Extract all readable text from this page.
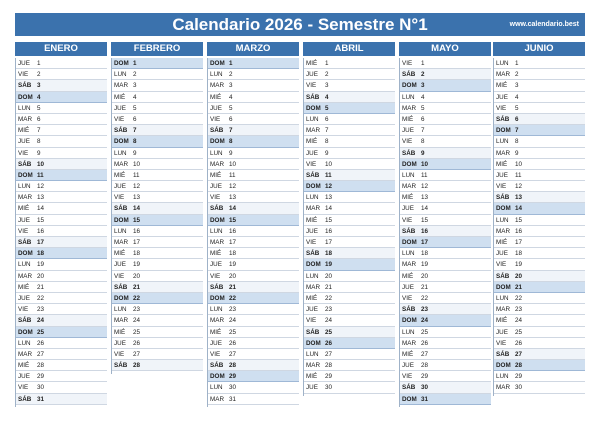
Calendario 2026 - Semestre N°1	www.calendario.best
ENERO
JUE	1
VIE	2
SÁB 3
DOM 4
LUN	5
MAR 6
MIÉ	7
JUE	8
VIE	9
SÁB 10
DOM 11
LUN	12
MAR 13
MIÉ	14
JUE	15
VIE	16
SÁB 17
DOM 18
LUN	19
MAR 20
MIÉ	21
JUE	22
VIE	23
SÁB 24
DOM 25
LUN	26
MAR 27
MIÉ	28
JUE	29
VIE	30
SÁB 31
FEBRERO
DOM 1
LUN	2
MAR 3
MIÉ	4
JUE	5
VIE	6
SÁB 7
DOM 8
LUN	9
MAR 10
MIÉ	11
JUE	12
VIE	13
SÁB 14
DOM 15
LUN	16
MAR 17
MIÉ	18
JUE	19
VIE	20
SÁB 21
DOM 22
LUN	23
MAR 24
MIÉ	25
JUE	26
VIE	27
SÁB 28
MARZO
DOM 1
LUN	2
MAR 3
MIÉ	4
JUE	5
VIE	6
SÁB 7
DOM 8
LUN	9
MAR 10
MIÉ	11
JUE	12
VIE	13
SÁB 14
DOM 15
LUN	16
MAR 17
MIÉ	18
JUE	19
VIE	20
SÁB 21
DOM 22
LUN	23
MAR 24
MIÉ	25
JUE	26
VIE	27
SÁB 28
DOM 29
LUN	30
MAR 31
ABRIL
MIÉ	1
JUE	2
VIE	3
SÁB 4
DOM 5
LUN	6
MAR 7
MIÉ	8
JUE	9
VIE	10
SÁB 11
DOM 12
LUN	13
MAR 14
MIÉ	15
JUE	16
VIE	17
SÁB 18
DOM 19
LUN	20
MAR 21
MIÉ	22
JUE	23
VIE	24
SÁB 25
DOM 26
LUN	27
MAR 28
MIÉ	29
JUE	30
MAYO
VIE	1
SÁB 2
DOM 3
LUN	4
MAR 5
MIÉ	6
JUE	7
VIE	8
SÁB 9
DOM 10
LUN	11
MAR 12
MIÉ	13
JUE	14
VIE	15
SÁB 16
DOM 17
LUN	18
MAR 19
MIÉ	20
JUE	21
VIE	22
SÁB 23
DOM 24
LUN	25
MAR 26
MIÉ	27
JUE	28
VIE	29
SÁB 30
DOM 31
JUNIO
LUN	1
MAR 2
MIÉ	3
JUE	4
VIE	5
SÁB 6
DOM 7
LUN	8
MAR 9
MIÉ	10
JUE	11
VIE	12
SÁB 13
DOM 14
LUN	15
MAR 16
MIÉ	17
JUE	18
VIE	19
SÁB 20
DOM 21
LUN	22
MAR 23
MIÉ	24
JUE	25
VIE	26
SÁB 27
DOM 28
LUN	29
MAR 30
